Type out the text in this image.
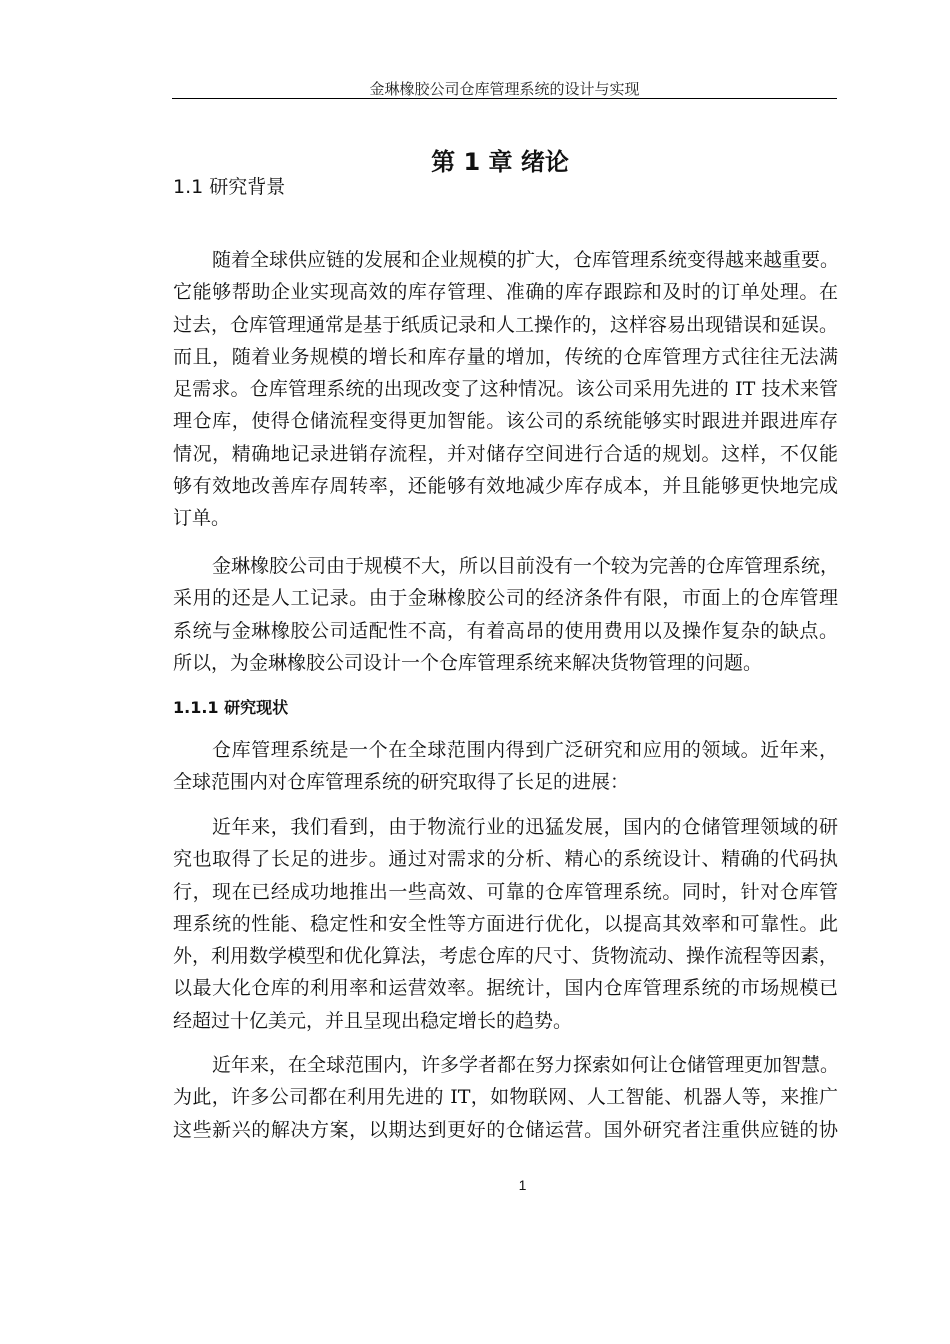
金琳橡胶公司仓库管理系统的设计与实现
第 1 章 绪论
1.1 研究背景
随着全球供应链的发展和企业规模的扩大，仓库管理系统变得越来越重要。
它能够帮助企业实现高效的库存管理、准确的库存跟踪和及时的订单处理。在
过去，仓库管理通常是基于纸质记录和人工操作的，这样容易出现错误和延误。
而且，随着业务规模的增长和库存量的增加，传统的仓库管理方式往往无法满
足需求。仓库管理系统的出现改变了这种情况。该公司采用先进的 IT 技术来管
理仓库，使得仓储流程变得更加智能。该公司的系统能够实时跟进并跟进库存
情况，精确地记录进销存流程，并对储存空间进行合适的规划。这样，不仅能
够有效地改善库存周转率，还能够有效地减少库存成本，并且能够更快地完成
订单。
金琳橡胶公司由于规模不大，所以目前没有一个较为完善的仓库管理系统，
采用的还是人工记录。由于金琳橡胶公司的经济条件有限，市面上的仓库管理
系统与金琳橡胶公司适配性不高，有着高昂的使用费用以及操作复杂的缺点。
所以，为金琳橡胶公司设计一个仓库管理系统来解决货物管理的问题。
1.1.1 研究现状
仓库管理系统是一个在全球范围内得到广泛研究和应用的领域。近年来，
全球范围内对仓库管理系统的研究取得了长足的进展：
近年来，我们看到，由于物流行业的迅猛发展，国内的仓储管理领域的研
究也取得了长足的进步。通过对需求的分析、精心的系统设计、精确的代码执
行，现在已经成功地推出一些高效、可靠的仓库管理系统。同时，针对仓库管
理系统的性能、稳定性和安全性等方面进行优化，以提高其效率和可靠性。此
外，利用数学模型和优化算法，考虑仓库的尺寸、货物流动、操作流程等因素，
以最大化仓库的利用率和运营效率。据统计，国内仓库管理系统的市场规模已
经超过十亿美元，并且呈现出稳定增长的趋势。
近年来，在全球范围内，许多学者都在努力探索如何让仓储管理更加智慧。
为此，许多公司都在利用先进的 IT，如物联网、人工智能、机器人等，来推广
这些新兴的解决方案，以期达到更好的仓储运营。国外研究者注重供应链的协
1
